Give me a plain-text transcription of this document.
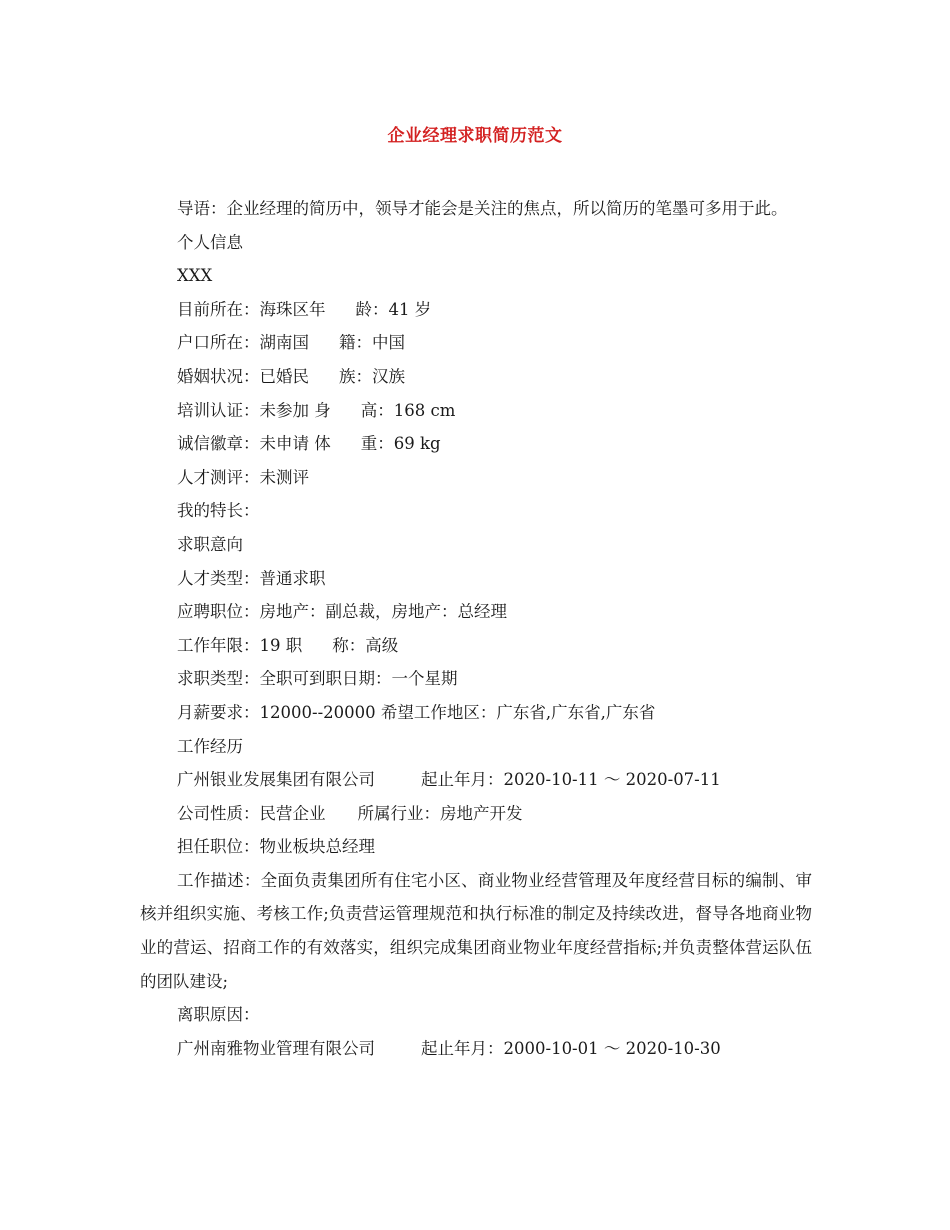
企业经理求职简历范文

导语：企业经理的简历中，领导才能会是关注的焦点，所以简历的笔墨可多用于此。

个人信息

XXX

目前所在：海珠区年 龄：41 岁

户口所在：湖南国 籍：中国

婚姻状况：已婚民 族：汉族

培训认证：未参加 身 高：168 cm

诚信徽章：未申请 体 重：69 kg

人才测评：未测评

我的特长：

求职意向

人才类型：普通求职

应聘职位：房地产：副总裁，房地产：总经理

工作年限：19 职 称：高级

求职类型：全职可到职日期：一个星期

月薪要求：12000--20000 希望工作地区：广东省,广东省,广东省

工作经历

广州银业发展集团有限公司	起止年月：2020-10-11 ～ 2020-07-11

公司性质：民营企业 所属行业：房地产开发

担任职位：物业板块总经理

工作描述：全面负责集团所有住宅小区、商业物业经营管理及年度经营目标的编制、审核并组织实施、考核工作;负责营运管理规范和执行标准的制定及持续改进，督导各地商业物业的营运、招商工作的有效落实，组织完成集团商业物业年度经营指标;并负责整体营运队伍的团队建设;

离职原因：

广州南雅物业管理有限公司	起止年月：2000-10-01 ～ 2020-10-30
